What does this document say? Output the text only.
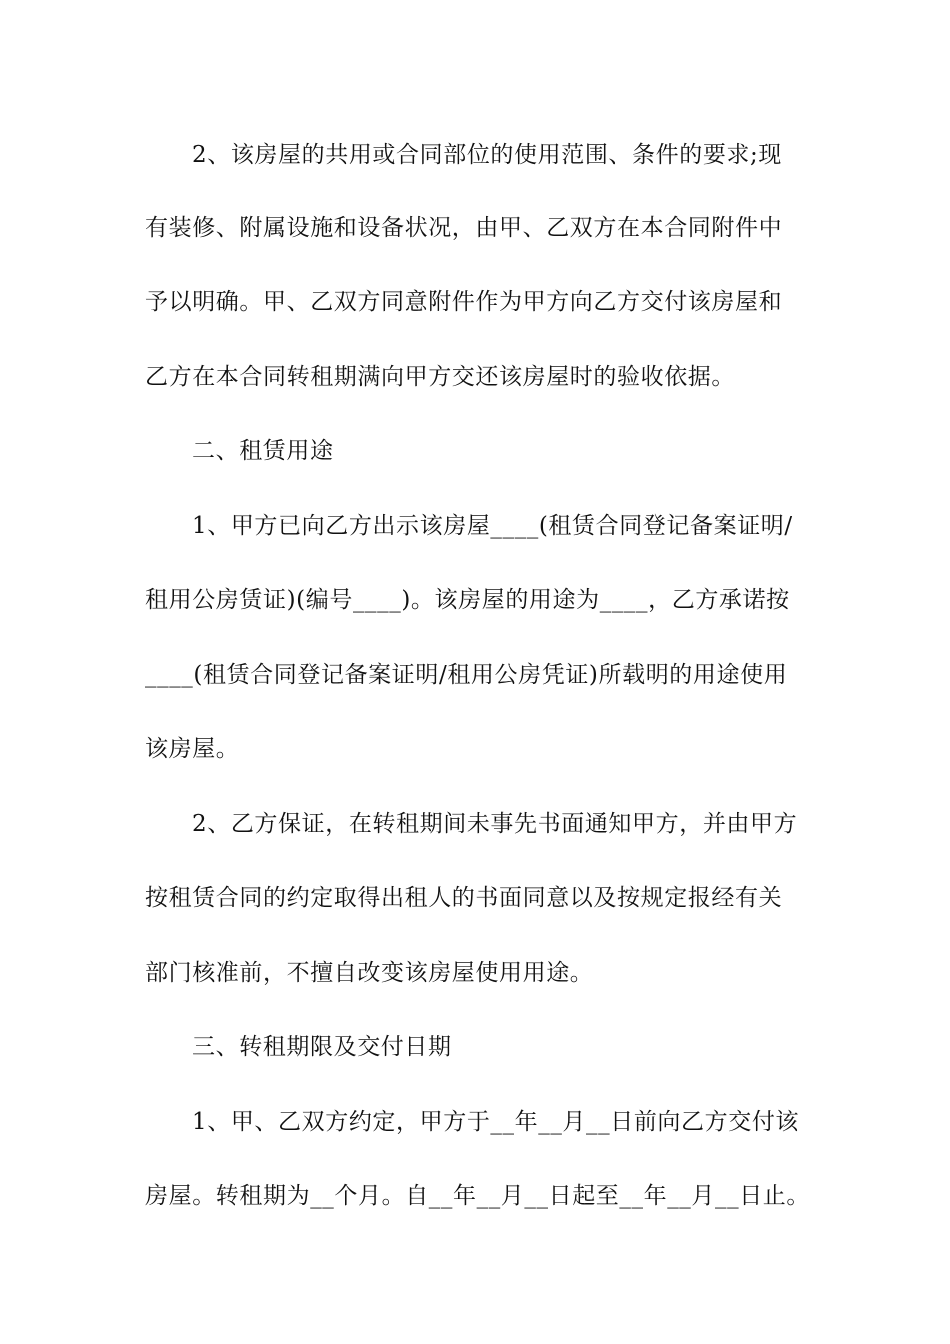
2、该房屋的共用或合同部位的使用范围、条件的要求;现

有装修、附属设施和设备状况，由甲、乙双方在本合同附件中

予以明确。甲、乙双方同意附件作为甲方向乙方交付该房屋和

乙方在本合同转租期满向甲方交还该房屋时的验收依据。

二、租赁用途

1、甲方已向乙方出示该房屋____(租赁合同登记备案证明/

租用公房赁证)(编号____)。该房屋的用途为____，乙方承诺按

____(租赁合同登记备案证明/租用公房凭证)所载明的用途使用

该房屋。

2、乙方保证，在转租期间未事先书面通知甲方，并由甲方

按租赁合同的约定取得出租人的书面同意以及按规定报经有关

部门核准前，不擅自改变该房屋使用用途。

三、转租期限及交付日期

1、甲、乙双方约定，甲方于__年__月__日前向乙方交付该

房屋。转租期为__个月。自__年__月__日起至__年__月__日止。
